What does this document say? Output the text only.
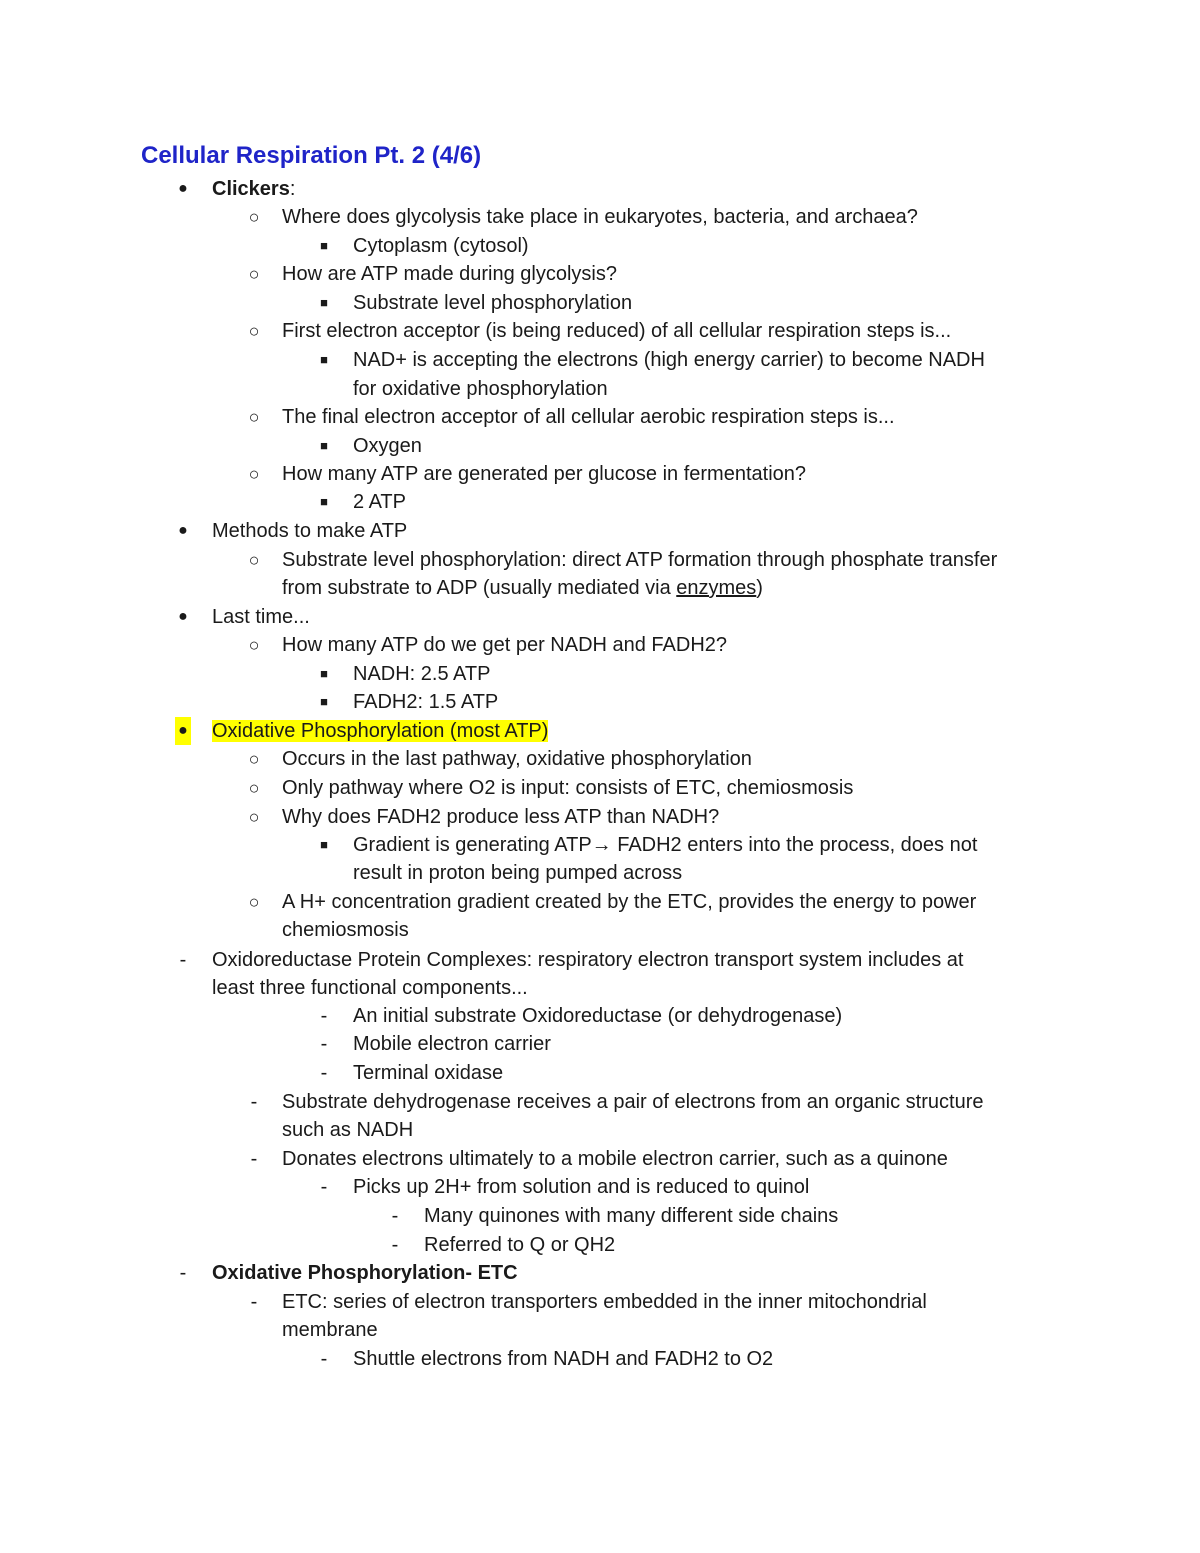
Cellular Respiration Pt. 2 (4/6)
● Clickers:
○ Where does glycolysis take place in eukaryotes, bacteria, and archaea?
■ Cytoplasm (cytosol)
○ How are ATP made during glycolysis?
■ Substrate level phosphorylation
○ First electron acceptor (is being reduced) of all cellular respiration steps is...
■ NAD+ is accepting the electrons (high energy carrier) to become NADH
for oxidative phosphorylation
○ The final electron acceptor of all cellular aerobic respiration steps is...
■ Oxygen
○ How many ATP are generated per glucose in fermentation?
■ 2 ATP
● Methods to make ATP
○ Substrate level phosphorylation: direct ATP formation through phosphate transfer
from substrate to ADP (usually mediated via enzymes)
● Last time...
○ How many ATP do we get per NADH and FADH2?
■ NADH: 2.5 ATP
■ FADH2: 1.5 ATP
● Oxidative Phosphorylation (most ATP)
○ Occurs in the last pathway, oxidative phosphorylation
○ Only pathway where O2 is input: consists of ETC, chemiosmosis
○ Why does FADH2 produce less ATP than NADH?
■ Gradient is generating ATP→ FADH2 enters into the process, does not
result in proton being pumped across
○ A H+ concentration gradient created by the ETC, provides the energy to power
chemiosmosis
- Oxidoreductase Protein Complexes: respiratory electron transport system includes at
least three functional components...
- An initial substrate Oxidoreductase (or dehydrogenase)
- Mobile electron carrier
- Terminal oxidase
- Substrate dehydrogenase receives a pair of electrons from an organic structure
such as NADH
- Donates electrons ultimately to a mobile electron carrier, such as a quinone
- Picks up 2H+ from solution and is reduced to quinol
- Many quinones with many different side chains
- Referred to Q or QH2
- Oxidative Phosphorylation- ETC
- ETC: series of electron transporters embedded in the inner mitochondrial
membrane
- Shuttle electrons from NADH and FADH2 to O2
